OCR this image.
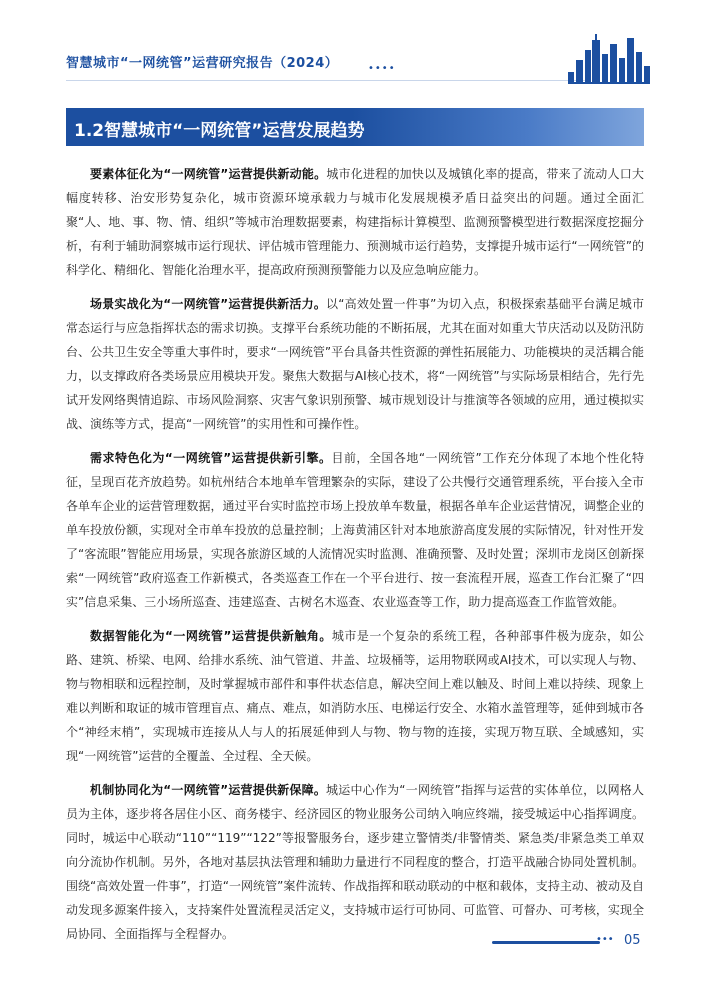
智慧城市“一网统管”运营研究报告（2024）	••••
1.2智慧城市“一网统管”运营发展趋势

要素体征化为“一网统管”运营提供新动能。城市化进程的加快以及城镇化率的提高，带来了流动人口大幅度转移、治安形势复杂化，城市资源环境承载力与城市化发展规模矛盾日益突出的问题。通过全面汇聚“人、地、事、物、情、组织”等城市治理数据要素，构建指标计算模型、监测预警模型进行数据深度挖掘分析，有利于辅助洞察城市运行现状、评估城市管理能力、预测城市运行趋势，支撑提升城市运行“一网统管”的科学化、精细化、智能化治理水平，提高政府预测预警能力以及应急响应能力。

场景实战化为“一网统管”运营提供新活力。以“高效处置一件事”为切入点，积极探索基础平台满足城市常态运行与应急指挥状态的需求切换。支撑平台系统功能的不断拓展，尤其在面对如重大节庆活动以及防汛防台、公共卫生安全等重大事件时，要求“一网统管”平台具备共性资源的弹性拓展能力、功能模块的灵活耦合能力，以支撑政府各类场景应用模块开发。聚焦大数据与AI核心技术，将“一网统管”与实际场景相结合，先行先试开发网络舆情追踪、市场风险洞察、灾害气象识别预警、城市规划设计与推演等各领域的应用，通过模拟实战、演练等方式，提高“一网统管”的实用性和可操作性。

需求特色化为“一网统管”运营提供新引擎。目前，全国各地“一网统管”工作充分体现了本地个性化特征，呈现百花齐放趋势。如杭州结合本地单车管理繁杂的实际，建设了公共慢行交通管理系统，平台接入全市各单车企业的运营管理数据，通过平台实时监控市场上投放单车数量，根据各单车企业运营情况，调整企业的单车投放份额，实现对全市单车投放的总量控制；上海黄浦区针对本地旅游高度发展的实际情况，针对性开发了“客流眼”智能应用场景，实现各旅游区域的人流情况实时监测、准确预警、及时处置；深圳市龙岗区创新探索“一网统管”政府巡查工作新模式，各类巡查工作在一个平台进行、按一套流程开展，巡查工作台汇聚了“四实”信息采集、三小场所巡查、违建巡查、古树名木巡查、农业巡查等工作，助力提高巡查工作监管效能。

数据智能化为“一网统管”运营提供新触角。城市是一个复杂的系统工程，各种部事件极为庞杂，如公路、建筑、桥梁、电网、给排水系统、油气管道、井盖、垃圾桶等，运用物联网或AI技术，可以实现人与物、物与物相联和远程控制，及时掌握城市部件和事件状态信息，解决空间上难以触及、时间上难以持续、现象上难以判断和取证的城市管理盲点、痛点、难点，如消防水压、电梯运行安全、水箱水盖管理等，延伸到城市各个“神经末梢”，实现城市连接从人与人的拓展延伸到人与物、物与物的连接，实现万物互联、全域感知，实现“一网统管”运营的全覆盖、全过程、全天候。

机制协同化为“一网统管”运营提供新保障。城运中心作为“一网统管”指挥与运营的实体单位，以网格人员为主体，逐步将各居住小区、商务楼宇、经济园区的物业服务公司纳入响应终端，接受城运中心指挥调度。同时，城运中心联动“110”“119”“122”等报警服务台，逐步建立警情类/非警情类、紧急类/非紧急类工单双向分流协作机制。另外，各地对基层执法管理和辅助力量进行不同程度的整合，打造平战融合协同处置机制。围绕“高效处置一件事”，打造“一网统管”案件流转、作战指挥和联动联动的中枢和载体，支持主动、被动及自动发现多源案件接入，支持案件处置流程灵活定义，支持城市运行可协同、可监管、可督办、可考核，实现全局协同、全面指挥与全程督办。	••• 05
